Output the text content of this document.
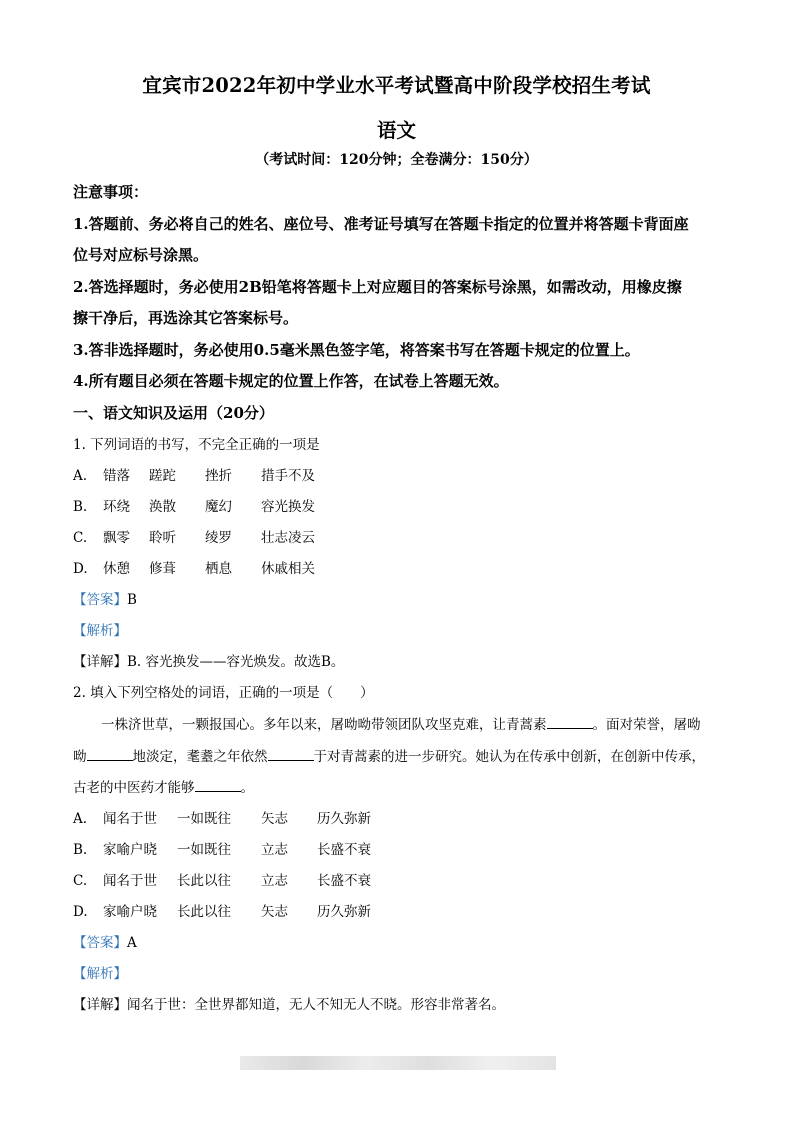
宜宾市2022年初中学业水平考试暨高中阶段学校招生考试
语文
（考试时间：120分钟；全卷满分：150分）
注意事项：
1.答题前、务必将自己的姓名、座位号、准考证号填写在答题卡指定的位置并将答题卡背面座
位号对应标号涂黑。
2.答选择题时，务必使用2B铅笔将答题卡上对应题目的答案标号涂黑，如需改动，用橡皮擦
擦干净后，再选涂其它答案标号。
3.答非选择题时，务必使用0.5毫米黑色签字笔，将答案书写在答题卡规定的位置上。
4.所有题目必须在答题卡规定的位置上作答，在试卷上答题无效。
一、语文知识及运用（20分）
1. 下列词语的书写，不完全正确的一项是
A. 错落 蹉跎 挫折 措手不及
B. 环绕 涣散 魔幻 容光换发
C. 飘零 聆听 绫罗 壮志凌云
D. 休憩 修葺 栖息 休戚相关
【答案】B
【解析】
【详解】B. 容光换发——容光焕发。故选B。
2. 填入下列空格处的词语，正确的一项是（　　）
一株济世草，一颗报国心。多年以来，屠呦呦带领团队攻坚克难，让青蒿素	。面对荣誉，屠呦
呦	地淡定，耄耋之年依然	于对青蒿素的进一步研究。她认为在传承中创新，在创新中传承，
古老的中医药才能够	。
A. 闻名于世 一如既往 矢志 历久弥新
B. 家喻户晓 一如既往 立志 长盛不衰
C. 闻名于世 长此以往 立志 长盛不衰
D. 家喻户晓 长此以往 矢志 历久弥新
【答案】A
【解析】
【详解】闻名于世：全世界都知道，无人不知无人不晓。形容非常著名。
